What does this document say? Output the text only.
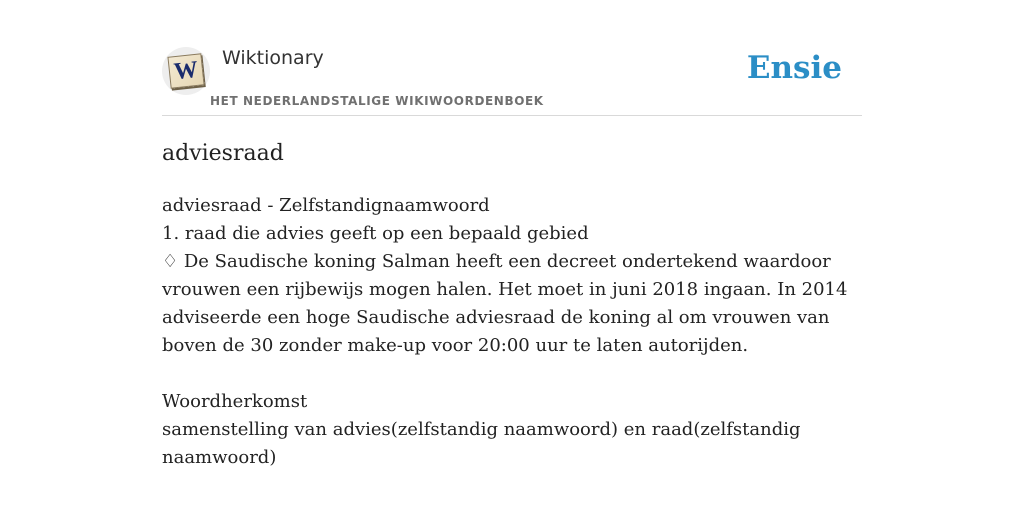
W Wiktionary
HET NEDERLANDSTALIGE WIKIWOORDENBOEK
Ensie
adviesraad
adviesraad - Zelfstandignaamwoord
1. raad die advies geeft op een bepaald gebied
♢ De Saudische koning Salman heeft een decreet ondertekend waardoor vrouwen een rijbewijs mogen halen. Het moet in juni 2018 ingaan. In 2014 adviseerde een hoge Saudische adviesraad de koning al om vrouwen van boven de 30 zonder make-up voor 20:00 uur te laten autorijden.
Woordherkomst
samenstelling van advies(zelfstandig naamwoord) en raad(zelfstandig naamwoord)
